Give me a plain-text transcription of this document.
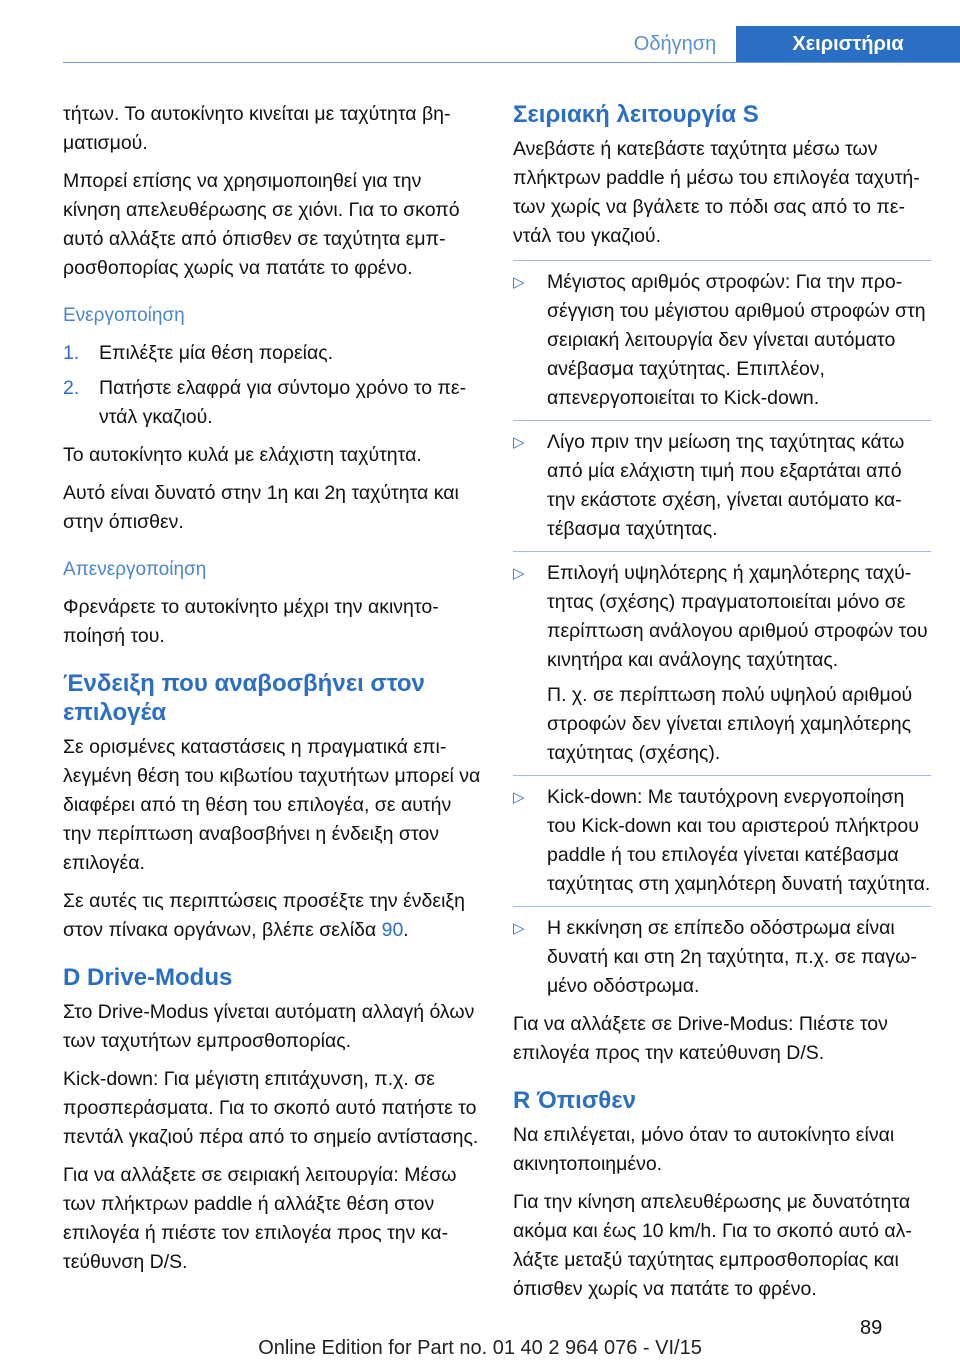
Οδήγηση	Χειριστήρια

τήτων. Το αυτοκίνητο κινείται με ταχύτητα βηματισμού.

Μπορεί επίσης να χρησιμοποιηθεί για την κίνηση απελευθέρωσης σε χιόνι. Για το σκοπό αυτό αλλάξτε από όπισθεν σε ταχύτητα εμπροσθοπορίας χωρίς να πατάτε το φρένο.

Ενεργοποίηση
1.	Επιλέξτε μία θέση πορείας.
2.	Πατήστε ελαφρά για σύντομο χρόνο το πεντάλ γκαζιού.

Το αυτοκίνητο κυλά με ελάχιστη ταχύτητα.

Αυτό είναι δυνατό στην 1η και 2η ταχύτητα και στην όπισθεν.

Απενεργοποίηση

Φρενάρετε το αυτοκίνητο μέχρι την ακινητοποίησή του.

Ένδειξη που αναβοσβήνει στον επιλογέα

Σε ορισμένες καταστάσεις η πραγματικά επιλεγμένη θέση του κιβωτίου ταχυτήτων μπορεί να διαφέρει από τη θέση του επιλογέα, σε αυτήν την περίπτωση αναβοσβήνει η ένδειξη στον επιλογέα.

Σε αυτές τις περιπτώσεις προσέξτε την ένδειξη στον πίνακα οργάνων, βλέπε σελίδα 90.

D Drive-Modus

Στο Drive-Modus γίνεται αυτόματη αλλαγή όλων των ταχυτήτων εμπροσθοπορίας.

Kick-down: Για μέγιστη επιτάχυνση, π.χ. σε προσπεράσματα. Για το σκοπό αυτό πατήστε το πεντάλ γκαζιού πέρα από το σημείο αντίστασης.

Για να αλλάξετε σε σειριακή λειτουργία: Μέσω των πλήκτρων paddle ή αλλάξτε θέση στον επιλογέα ή πιέστε τον επιλογέα προς την κατεύθυνση D/S.

Σειριακή λειτουργία S

Ανεβάστε ή κατεβάστε ταχύτητα μέσω των πλήκτρων paddle ή μέσω του επιλογέα ταχυτήτων χωρίς να βγάλετε το πόδι σας από το πεντάλ του γκαζιού.

▷	Μέγιστος αριθμός στροφών: Για την προσέγγιση του μέγιστου αριθμού στροφών στη σειριακή λειτουργία δεν γίνεται αυτόματο ανέβασμα ταχύτητας. Επιπλέον, απενεργοποιείται το Kick-down.

▷	Λίγο πριν την μείωση της ταχύτητας κάτω από μία ελάχιστη τιμή που εξαρτάται από την εκάστοτε σχέση, γίνεται αυτόματο κατέβασμα ταχύτητας.

▷	Επιλογή υψηλότερης ή χαμηλότερης ταχύτητας (σχέσης) πραγματοποιείται μόνο σε περίπτωση ανάλογου αριθμού στροφών του κινητήρα και ανάλογης ταχύτητας.

Π. χ. σε περίπτωση πολύ υψηλού αριθμού στροφών δεν γίνεται επιλογή χαμηλότερης ταχύτητας (σχέσης).

▷	Kick-down: Με ταυτόχρονη ενεργοποίηση του Kick-down και του αριστερού πλήκτρου paddle ή του επιλογέα γίνεται κατέβασμα ταχύτητας στη χαμηλότερη δυνατή ταχύτητα.

▷	Η εκκίνηση σε επίπεδο οδόστρωμα είναι δυνατή και στη 2η ταχύτητα, π.χ. σε παγωμένο οδόστρωμα.

Για να αλλάξετε σε Drive-Modus: Πιέστε τον επιλογέα προς την κατεύθυνση D/S.

R Όπισθεν

Να επιλέγεται, μόνο όταν το αυτοκίνητο είναι ακινητοποιημένο.

Για την κίνηση απελευθέρωσης με δυνατότητα ακόμα και έως 10 km/h. Για το σκοπό αυτό αλλάξτε μεταξύ ταχύτητας εμπροσθοπορίας και όπισθεν χωρίς να πατάτε το φρένο.

89
Online Edition for Part no. 01 40 2 964 076 - VI/15
